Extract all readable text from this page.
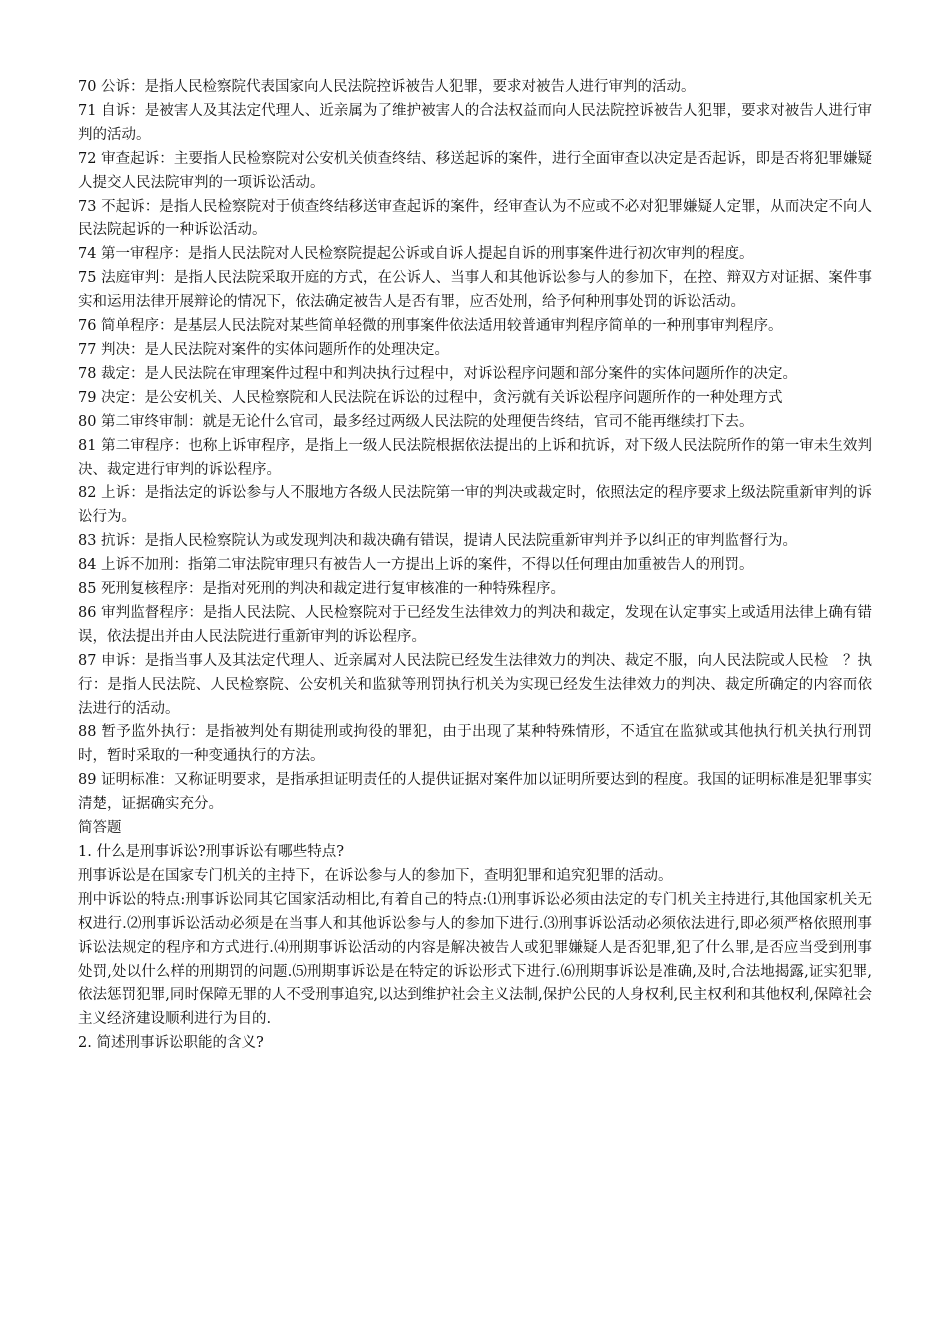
70 公诉：是指人民检察院代表国家向人民法院控诉被告人犯罪，要求对被告人进行审判的活动。

71 自诉：是被害人及其法定代理人、近亲属为了维护被害人的合法权益而向人民法院控诉被告人犯罪，要求对被告人进行审判的活动。

72 审查起诉：主要指人民检察院对公安机关侦查终结、移送起诉的案件，进行全面审查以决定是否起诉，即是否将犯罪嫌疑人提交人民法院审判的一项诉讼活动。

73 不起诉：是指人民检察院对于侦查终结移送审查起诉的案件，经审查认为不应或不必对犯罪嫌疑人定罪，从而决定不向人民法院起诉的一种诉讼活动。

74 第一审程序：是指人民法院对人民检察院提起公诉或自诉人提起自诉的刑事案件进行初次审判的程度。

75 法庭审判：是指人民法院采取开庭的方式，在公诉人、当事人和其他诉讼参与人的参加下，在控、辩双方对证据、案件事实和运用法律开展辩论的情况下，依法确定被告人是否有罪，应否处刑，给予何种刑事处罚的诉讼活动。

76 简单程序：是基层人民法院对某些简单轻微的刑事案件依法适用较普通审判程序简单的一种刑事审判程序。

77 判决：是人民法院对案件的实体问题所作的处理决定。

78 裁定：是人民法院在审理案件过程中和判决执行过程中，对诉讼程序问题和部分案件的实体问题所作的决定。

79 决定：是公安机关、人民检察院和人民法院在诉讼的过程中，贪污就有关诉讼程序问题所作的一种处理方式

80 第二审终审制：就是无论什么官司，最多经过两级人民法院的处理便告终结，官司不能再继续打下去。

81 第二审程序：也称上诉审程序，是指上一级人民法院根据依法提出的上诉和抗诉，对下级人民法院所作的第一审未生效判决、裁定进行审判的诉讼程序。

82 上诉：是指法定的诉讼参与人不服地方各级人民法院第一审的判决或裁定时，依照法定的程序要求上级法院重新审判的诉讼行为。

83 抗诉：是指人民检察院认为或发现判决和裁决确有错误，提请人民法院重新审判并予以纠正的审判监督行为。

84 上诉不加刑：指第二审法院审理只有被告人一方提出上诉的案件，不得以任何理由加重被告人的刑罚。

85 死刑复核程序：是指对死刑的判决和裁定进行复审核准的一种特殊程序。

86 审判监督程序：是指人民法院、人民检察院对于已经发生法律效力的判决和裁定，发现在认定事实上或适用法律上确有错误，依法提出并由人民法院进行重新审判的诉讼程序。

87 申诉：是指当事人及其法定代理人、近亲属对人民法院已经发生法律效力的判决、裁定不服，向人民法院或人民检　？执行：是指人民法院、人民检察院、公安机关和监狱等刑罚执行机关为实现已经发生法律效力的判决、裁定所确定的内容而依法进行的活动。

88 暂予监外执行：是指被判处有期徒刑或拘役的罪犯，由于出现了某种特殊情形，不适宜在监狱或其他执行机关执行刑罚时，暂时采取的一种变通执行的方法。

89 证明标准：又称证明要求，是指承担证明责任的人提供证据对案件加以证明所要达到的程度。我国的证明标准是犯罪事实清楚，证据确实充分。

简答题

1. 什么是刑事诉讼?刑事诉讼有哪些特点?

刑事诉讼是在国家专门机关的主持下，在诉讼参与人的参加下，查明犯罪和追究犯罪的活动。

刑中诉讼的特点:刑事诉讼同其它国家活动相比,有着自己的特点:⑴刑事诉讼必须由法定的专门机关主持进行,其他国家机关无权进行.⑵刑事诉讼活动必须是在当事人和其他诉讼参与人的参加下进行.⑶刑事诉讼活动必须依法进行,即必须严格依照刑事诉讼法规定的程序和方式进行.⑷刑期事诉讼活动的内容是解决被告人或犯罪嫌疑人是否犯罪,犯了什么罪,是否应当受到刑事处罚,处以什么样的刑期罚的问题.⑸刑期事诉讼是在特定的诉讼形式下进行.⑹刑期事诉讼是准确,及时,合法地揭露,证实犯罪,依法惩罚犯罪,同时保障无罪的人不受刑事追究,以达到维护社会主义法制,保护公民的人身权利,民主权利和其他权利,保障社会主义经济建设顺利进行为目的.

2. 简述刑事诉讼职能的含义?
